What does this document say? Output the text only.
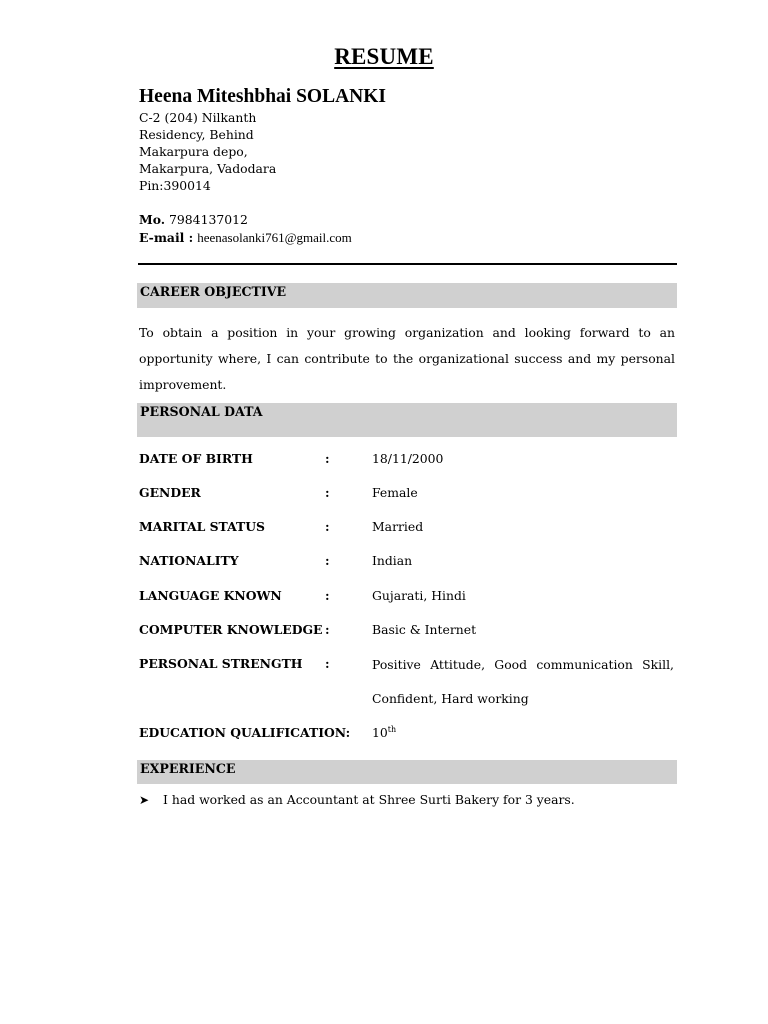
RESUME
Heena Miteshbhai SOLANKI
C-2 (204) Nilkanth
Residency, Behind
Makarpura depo,
Makarpura, Vadodara
Pin:390014
Mo. 7984137012
E-mail : heenasolanki761@gmail.com
CAREER OBJECTIVE
To obtain a position in your growing organization and looking forward to an opportunity where, I can contribute to the organizational success and my personal improvement.
PERSONAL DATA
DATE OF BIRTH	:	18/11/2000
GENDER	:	Female
MARITAL STATUS	:	Married
NATIONALITY	:	Indian
LANGUAGE KNOWN	:	Gujarati, Hindi
COMPUTER KNOWLEDGE :	Basic & Internet
PERSONAL STRENGTH :	Positive Attitude, Good communication Skill, Confident, Hard working
EDUCATION QUALIFICATION: 10th
EXPERIENCE
➤ I had worked as an Accountant at Shree Surti Bakery for 3 years.
